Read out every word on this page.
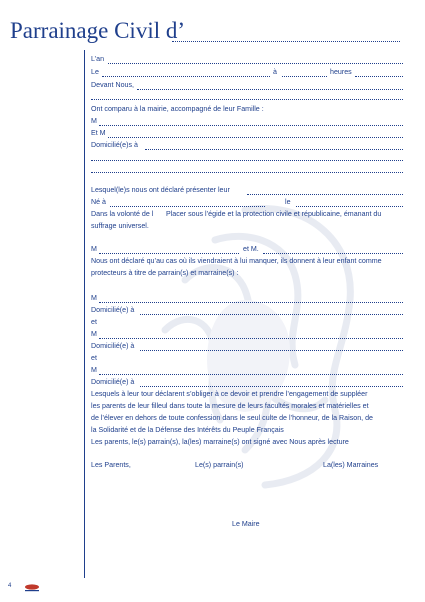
Parrainage Civil d’
L’an
Le	à	heures
Devant Nous,
Ont comparu à la mairie, accompagné de leur Famille :
M
Et M
Domicilié(e)s à
Lesquel(le)s nous ont déclaré présenter leur
Né à	le
Dans la volonté de l Placer sous l’égide et la protection civile et républicaine, émanant du
suffrage universel.
M	et M.
Nous ont déclaré qu’au cas où ils viendraient à lui manquer, ils donnent à leur enfant comme
protecteurs à titre de parrain(s) et marraine(s) :
M
Domicilié(e) à
et
M
Domicilié(e) à
et
M
Domicilié(e) à
Lesquels à leur tour déclarent s’obliger à ce devoir et prendre l’engagement de suppléer
les parents de leur filleul dans toute la mesure de leurs facultés morales et matérielles et
de l’élever en dehors de toute confession dans le seul culte de l’honneur, de la Raison, de
la Solidarité et de la Défense des Intérêts du Peuple Français
Les parents, le(s) parrain(s), la(les) marraine(s) ont signé avec Nous après lecture
Les Parents,	Le(s) parrain(s)	La(les) Marraines
Le Maire
4
